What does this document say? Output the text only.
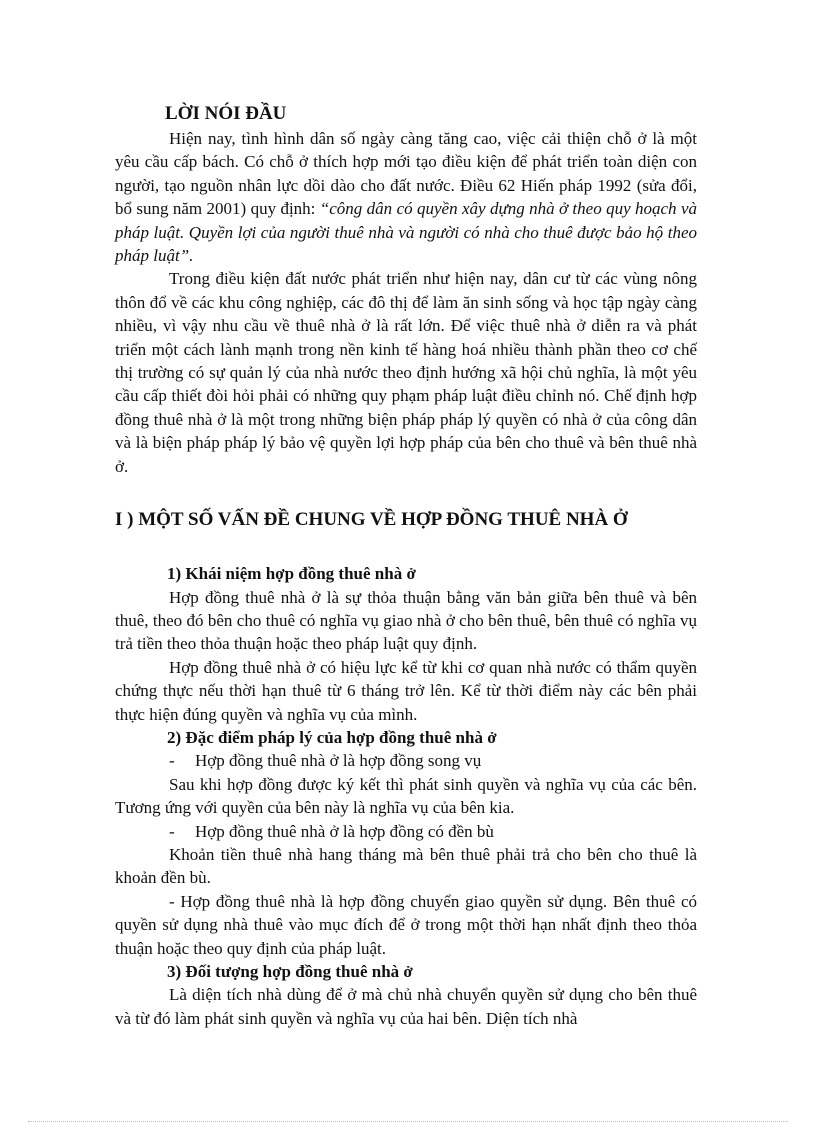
LỜI NÓI ĐẦU

Hiện nay, tình hình dân số ngày càng tăng cao, việc cải thiện chỗ ở là một yêu cầu cấp bách. Có chỗ ở thích hợp mới tạo điều kiện để phát triển toàn diện con người, tạo nguồn nhân lực dồi dào cho đất nước. Điều 62 Hiến pháp 1992 (sửa đổi, bổ sung năm 2001) quy định: “công dân có quyền xây dựng nhà ở theo quy hoạch và pháp luật. Quyền lợi của người thuê nhà và người có nhà cho thuê được bảo hộ theo pháp luật”.

Trong điều kiện đất nước phát triển như hiện nay, dân cư từ các vùng nông thôn đổ về các khu công nghiệp, các đô thị để làm ăn sinh sống và học tập ngày càng nhiều, vì vậy nhu cầu về thuê nhà ở là rất lớn. Để việc thuê nhà ở diễn ra và phát triển một cách lành mạnh trong nền kinh tế hàng hoá nhiều thành phần theo cơ chế thị trường có sự quản lý của nhà nước theo định hướng xã hội chủ nghĩa, là một yêu cầu cấp thiết đòi hỏi phải có những quy phạm pháp luật điều chỉnh nó. Chế định hợp đồng thuê nhà ở là một trong những biện pháp pháp lý quyền có nhà ở của công dân và là biện pháp pháp lý bảo vệ quyền lợi hợp pháp của bên cho thuê và bên thuê nhà ở.

I ) MỘT SỐ VẤN ĐỀ CHUNG VỀ HỢP ĐỒNG THUÊ NHÀ Ở

1) Khái niệm hợp đồng thuê nhà ở

Hợp đồng thuê nhà ở là sự thỏa thuận bằng văn bản giữa bên thuê và bên thuê, theo đó bên cho thuê có nghĩa vụ giao nhà ở cho bên thuê, bên thuê có nghĩa vụ trả tiền theo thỏa thuận hoặc theo pháp luật quy định.

Hợp đồng thuê nhà ở có hiệu lực kể từ khi cơ quan nhà nước có thẩm quyền chứng thực nếu thời hạn thuê từ 6 tháng trở lên. Kể từ thời điểm này các bên phải thực hiện đúng quyền và nghĩa vụ của mình.

2) Đặc điểm pháp lý của hợp đồng thuê nhà ở

- Hợp đồng thuê nhà ở là hợp đồng song vụ

Sau khi hợp đồng được ký kết thì phát sinh quyền và nghĩa vụ của các bên. Tương ứng với quyền của bên này là nghĩa vụ của bên kia.

- Hợp đồng thuê nhà ở là hợp đồng có đền bù

Khoản tiền thuê nhà hang tháng mà bên thuê phải trả cho bên cho thuê là khoản đền bù.

- Hợp đồng thuê nhà là hợp đồng chuyển giao quyền sử dụng. Bên thuê có quyền sử dụng nhà thuê vào mục đích để ở trong một thời hạn nhất định theo thỏa thuận hoặc theo quy định của pháp luật.

3) Đối tượng hợp đồng thuê nhà ở

Là diện tích nhà dùng để ở mà chủ nhà chuyển quyền sử dụng cho bên thuê và từ đó làm phát sinh quyền và nghĩa vụ của hai bên. Diện tích nhà
